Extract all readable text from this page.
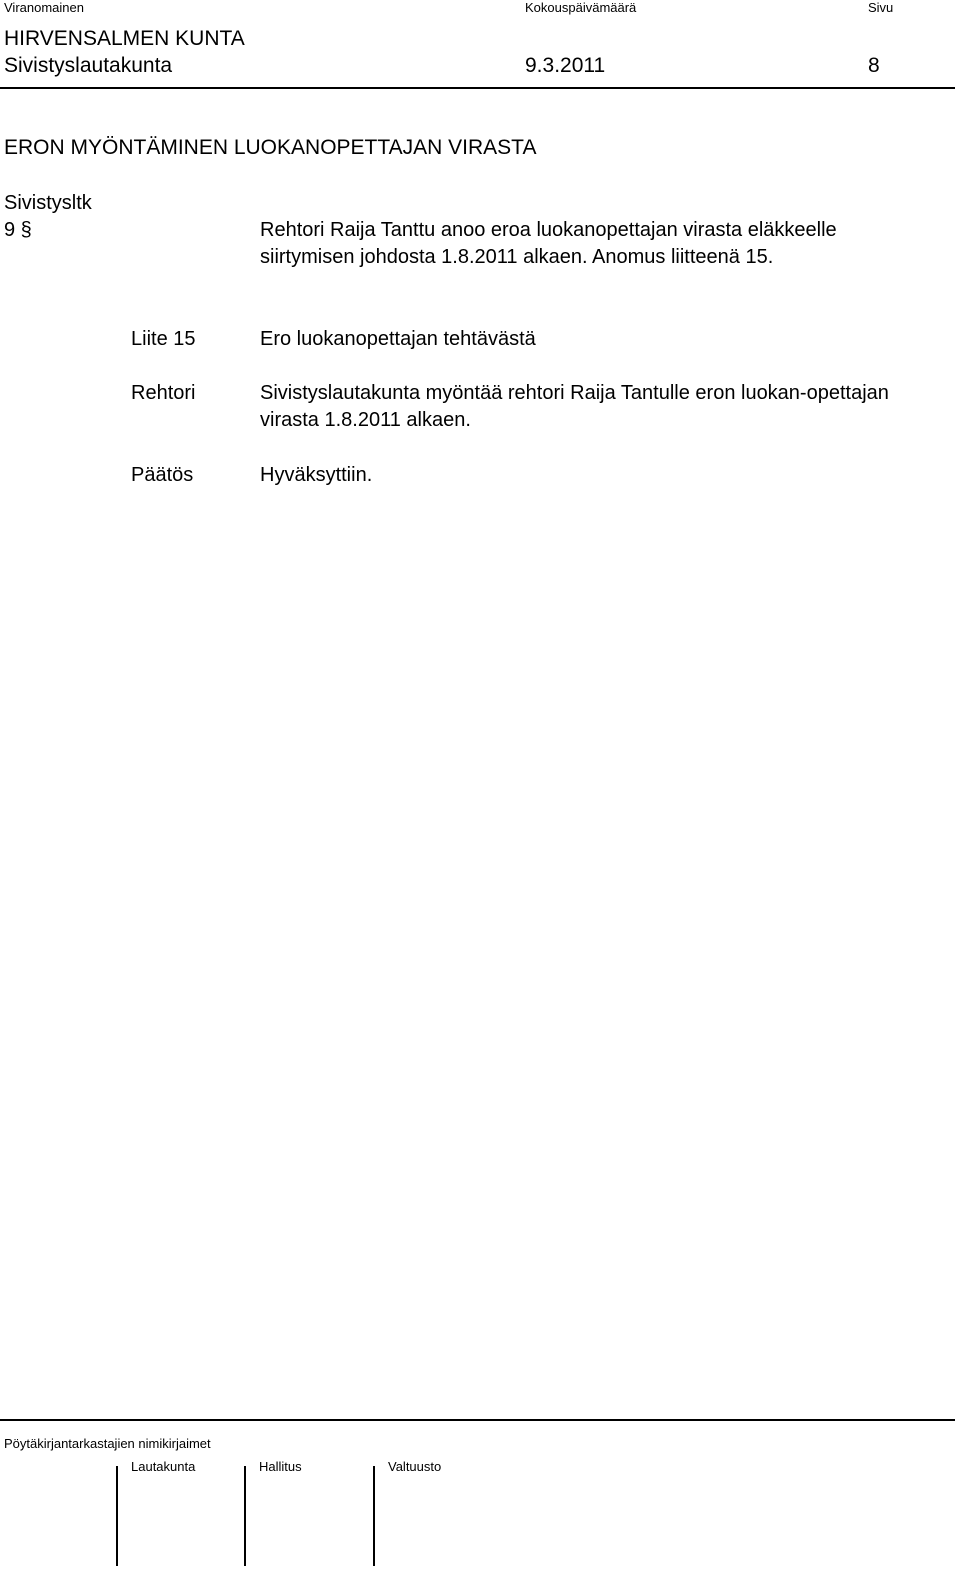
Viranomainen	Kokouspäivämäärä	Sivu
HIRVENSALMEN KUNTA
Sivistyslautakunta	9.3.2011	8
ERON MYÖNTÄMINEN LUOKANOPETTAJAN VIRASTA
Sivistysltk
9 §	Rehtori Raija Tanttu anoo eroa luokanopettajan virasta eläkkeelle siirtymisen johdosta 1.8.2011 alkaen. Anomus liitteenä 15.
Liite 15	Ero luokanopettajan tehtävästä
Rehtori	Sivistyslautakunta myöntää rehtori Raija Tantulle eron luokan-opettajan virasta 1.8.2011 alkaen.
Päätös	Hyväksyttiin.
Pöytäkirjantarkastajien nimikirjaimet
Lautakunta	Hallitus	Valtuusto
